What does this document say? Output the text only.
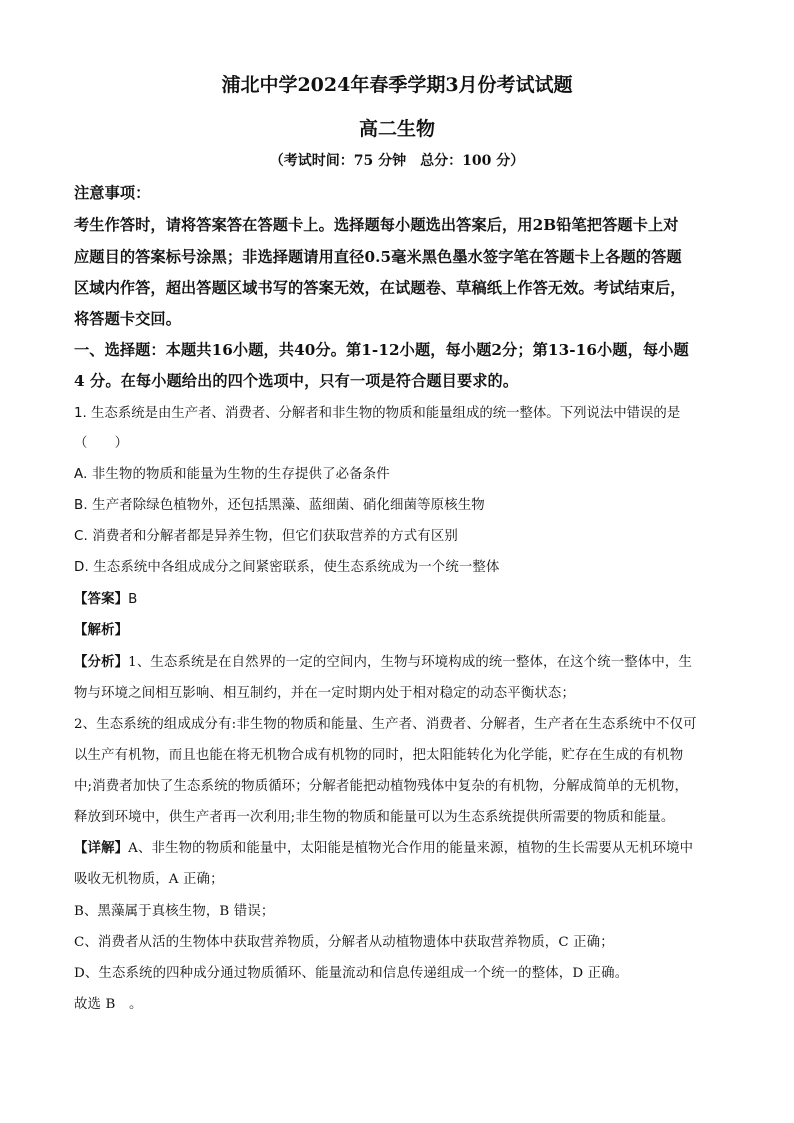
浦北中学2024年春季学期3月份考试试题
高二生物
（考试时间：75 分钟　总分：100 分）
注意事项：
考生作答时，请将答案答在答题卡上。选择题每小题选出答案后，用2B铅笔把答题卡上对
应题目的答案标号涂黑；非选择题请用直径0.5毫米黑色墨水签字笔在答题卡上各题的答题
区域内作答，超出答题区域书写的答案无效，在试题卷、草稿纸上作答无效。考试结束后，
将答题卡交回。
一、选择题：本题共16小题，共40分。第1-12小题，每小题2分；第13-16小题，每小题
4 分。在每小题给出的四个选项中，只有一项是符合题目要求的。
1. 生态系统是由生产者、消费者、分解者和非生物的物质和能量组成的统一整体。下列说法中错误的是
（　　）
A. 非生物的物质和能量为生物的生存提供了必备条件
B. 生产者除绿色植物外，还包括黑藻、蓝细菌、硝化细菌等原核生物
C. 消费者和分解者都是异养生物，但它们获取营养的方式有区别
D. 生态系统中各组成成分之间紧密联系，使生态系统成为一个统一整体
【答案】B
【解析】
【分析】1、生态系统是在自然界的一定的空间内，生物与环境构成的统一整体，在这个统一整体中，生
物与环境之间相互影响、相互制约，并在一定时期内处于相对稳定的动态平衡状态；
2、生态系统的组成成分有:非生物的物质和能量、生产者、消费者、分解者，生产者在生态系统中不仅可
以生产有机物，而且也能在将无机物合成有机物的同时，把太阳能转化为化学能，贮存在生成的有机物
中;消费者加快了生态系统的物质循环；分解者能把动植物残体中复杂的有机物，分解成简单的无机物，
释放到环境中，供生产者再一次利用;非生物的物质和能量可以为生态系统提供所需要的物质和能量。
【详解】A、非生物的物质和能量中，太阳能是植物光合作用的能量来源，植物的生长需要从无机环境中
吸收无机物质，A 正确；
B、黑藻属于真核生物，B 错误；
C、消费者从活的生物体中获取营养物质，分解者从动植物遗体中获取营养物质，C 正确；
D、生态系统的四种成分通过物质循环、能量流动和信息传递组成一个统一的整体，D 正确。
故选 B　。
